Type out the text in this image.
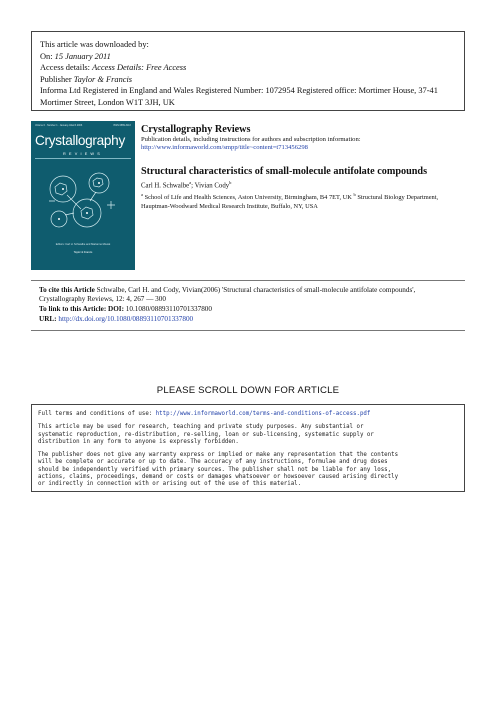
This article was downloaded by:
On: 15 January 2011
Access details: Access Details: Free Access
Publisher Taylor & Francis
Informa Ltd Registered in England and Wales Registered Number: 1072954 Registered office: Mortimer House, 37-41 Mortimer Street, London W1T 3JH, UK
Volume 0 · Number 1 · January–March 2006	ISSN 0889-311X
Crystallography
REVIEWS
Editors: Carl H. Schwalbe and Marianne Mowat
Taylor & Francis
Crystallography Reviews
Publication details, including instructions for authors and subscription information:
http://www.informaworld.com/smpp/title~content=t713456298
Structural characteristics of small-molecule antifolate compounds
Carl H. Schwalbe$^a$; Vivian Cody$^b$
$^a$ School of Life and Health Sciences, Aston University, Birmingham, B4 7ET, UK $^b$ Structural Biology Department, Hauptman-Woodward Medical Research Institute, Buffalo, NY, USA
To cite this Article Schwalbe, Carl H. and Cody, Vivian(2006) 'Structural characteristics of small-molecule antifolate compounds', Crystallography Reviews, 12: 4, 267 — 300
To link to this Article: DOI: 10.1080/08893110701337800
URL: http://dx.doi.org/10.1080/08893110701337800
PLEASE SCROLL DOWN FOR ARTICLE
Full terms and conditions of use: http://www.informaworld.com/terms-and-conditions-of-access.pdf
This article may be used for research, teaching and private study purposes. Any substantial or
systematic reproduction, re-distribution, re-selling, loan or sub-licensing, systematic supply or
distribution in any form to anyone is expressly forbidden.
The publisher does not give any warranty express or implied or make any representation that the contents
will be complete or accurate or up to date. The accuracy of any instructions, formulae and drug doses
should be independently verified with primary sources. The publisher shall not be liable for any loss,
actions, claims, proceedings, demand or costs or damages whatsoever or howsoever caused arising directly
or indirectly in connection with or arising out of the use of this material.
